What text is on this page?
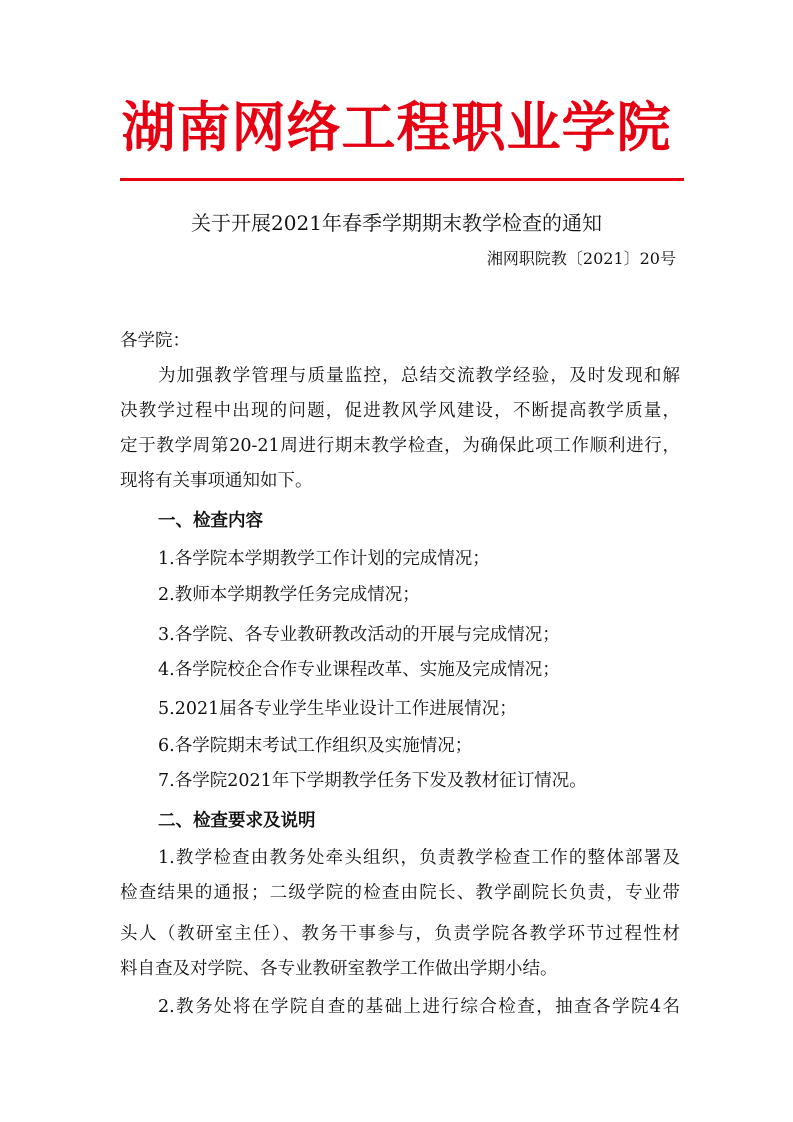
湖南网络工程职业学院
关于开展2021年春季学期期末教学检查的通知
湘网职院教〔2021〕20号
各学院：
为加强教学管理与质量监控，总结交流教学经验，及时发现和解
决教学过程中出现的问题，促进教风学风建设，不断提高教学质量，
定于教学周第20-21周进行期末教学检查，为确保此项工作顺利进行，
现将有关事项通知如下。
一、检查内容
1.各学院本学期教学工作计划的完成情况；
2.教师本学期教学任务完成情况；
3.各学院、各专业教研教改活动的开展与完成情况；
4.各学院校企合作专业课程改革、实施及完成情况；
5.2021届各专业学生毕业设计工作进展情况；
6.各学院期末考试工作组织及实施情况；
7.各学院2021年下学期教学任务下发及教材征订情况。
二、检查要求及说明
1.教学检查由教务处牵头组织，负责教学检查工作的整体部署及
检查结果的通报；二级学院的检查由院长、教学副院长负责，专业带
头人（教研室主任）、教务干事参与，负责学院各教学环节过程性材
料自查及对学院、各专业教研室教学工作做出学期小结。
2.教务处将在学院自查的基础上进行综合检查，抽查各学院4名
